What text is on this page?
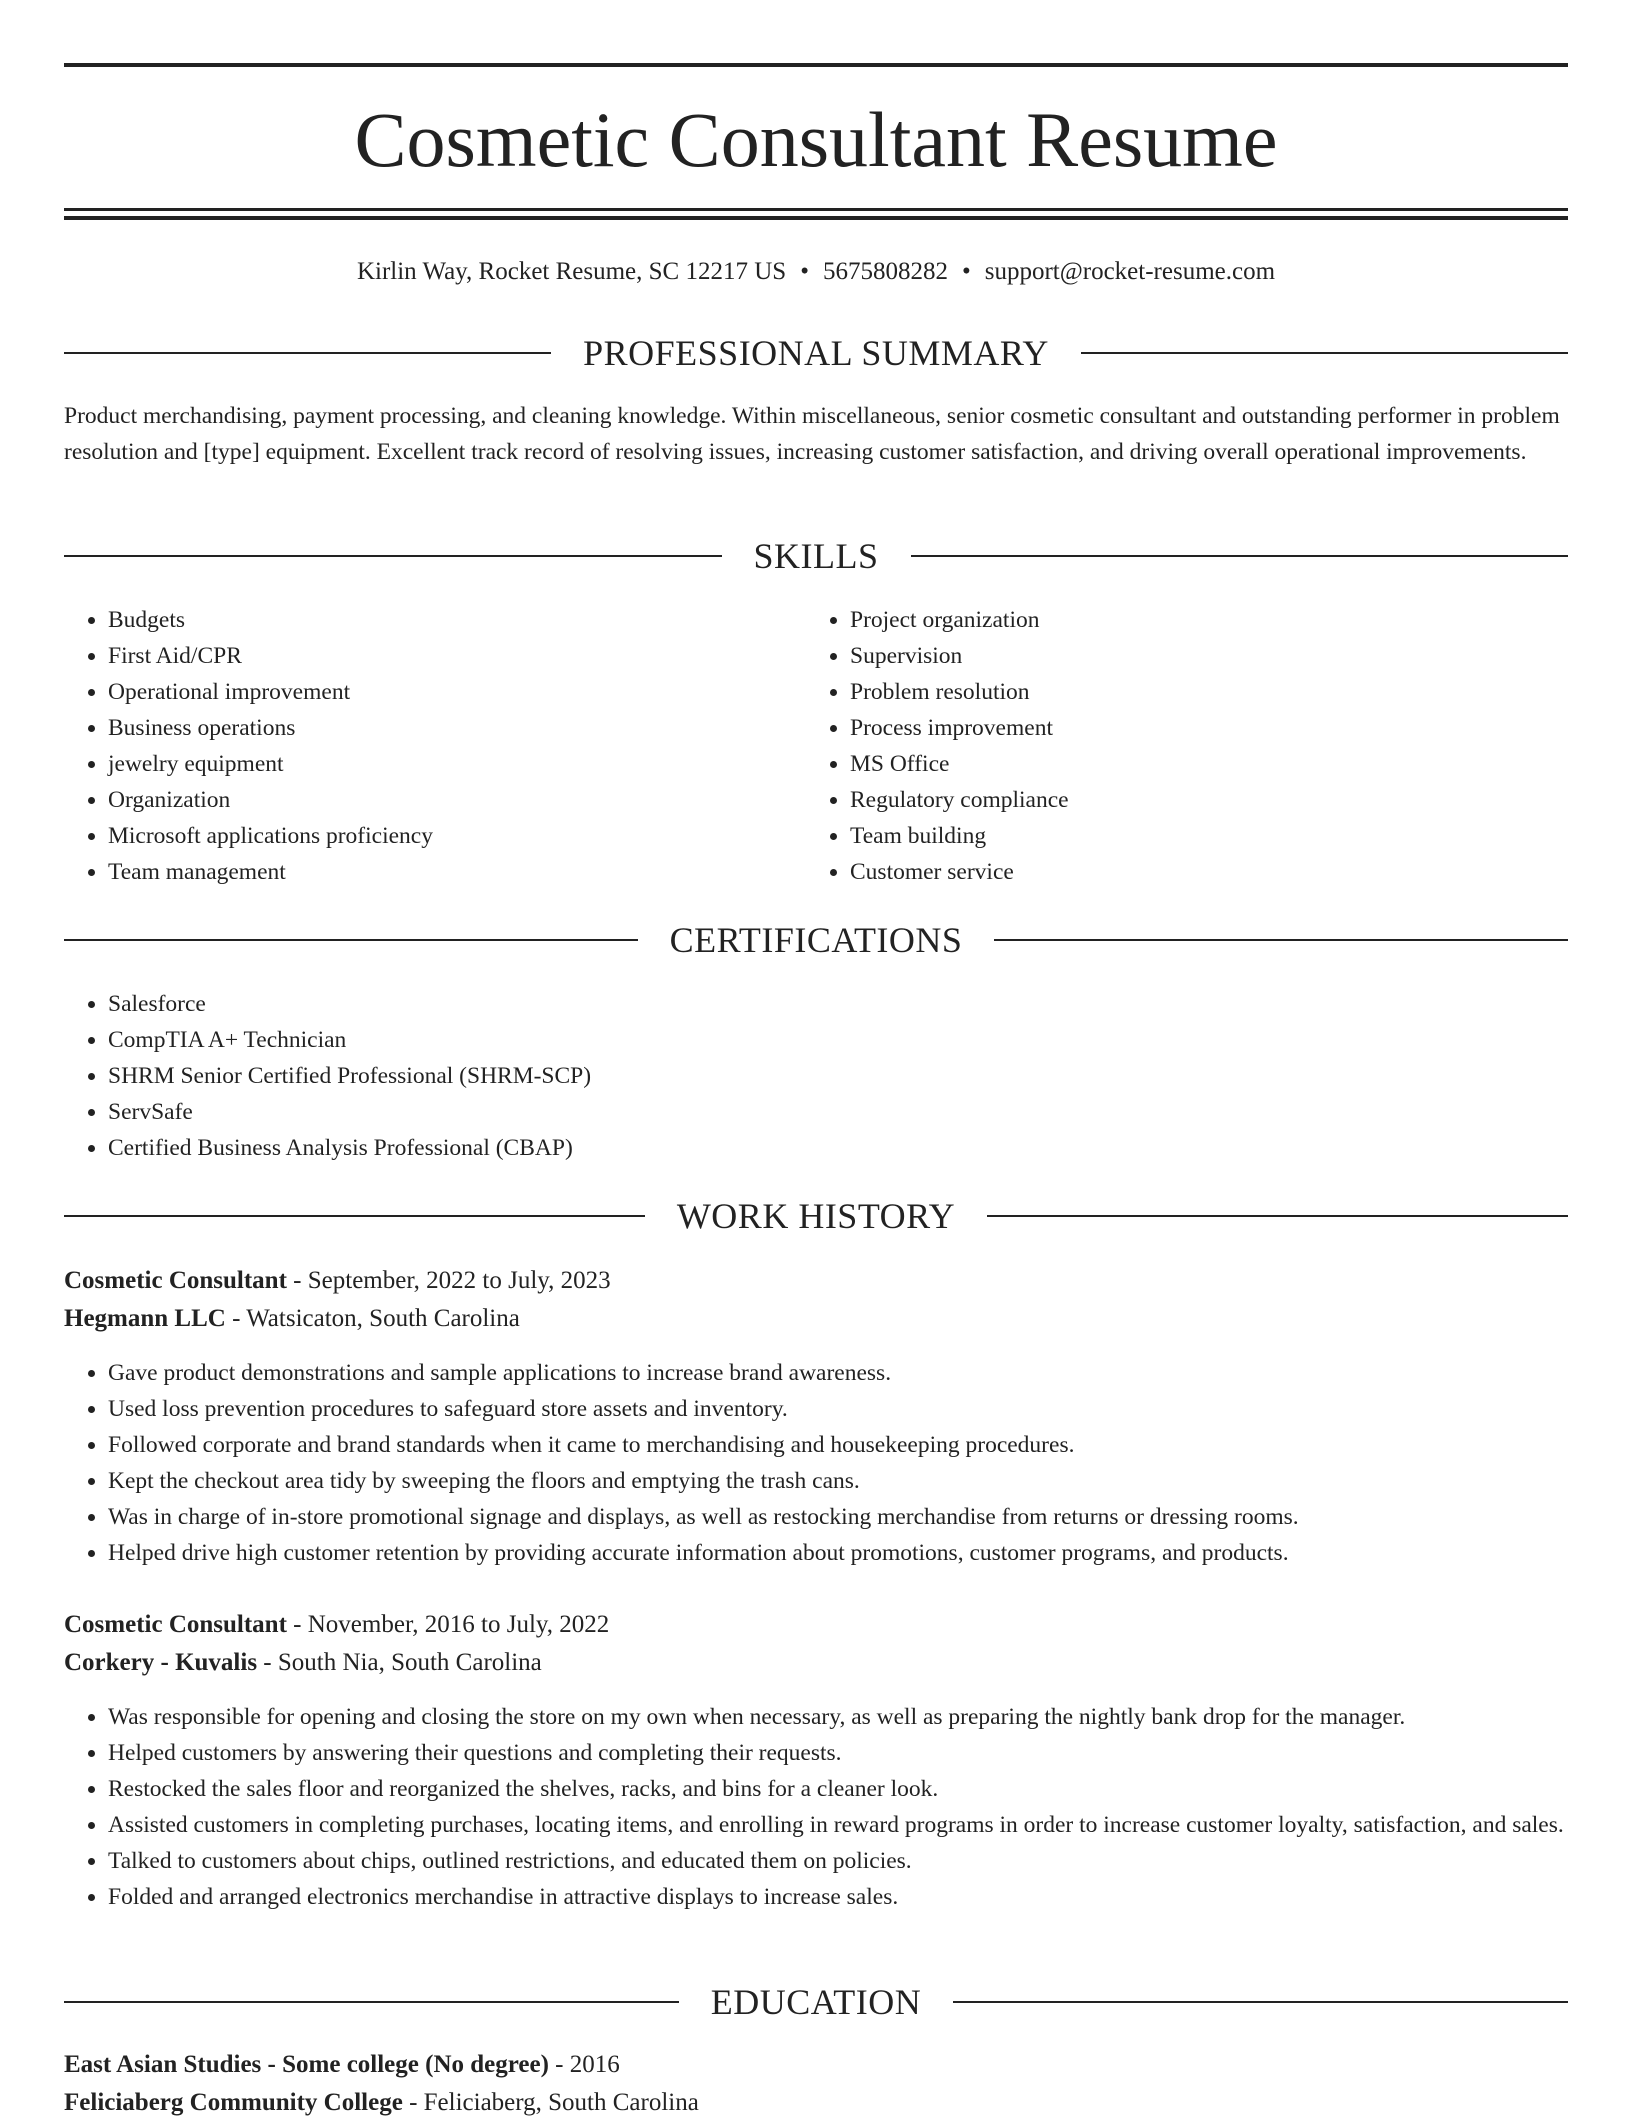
Cosmetic Consultant Resume
Kirlin Way, Rocket Resume, SC 12217 US • 5675808282 • support@rocket-resume.com
PROFESSIONAL SUMMARY

Product merchandising, payment processing, and cleaning knowledge. Within miscellaneous, senior cosmetic consultant and outstanding performer in problem resolution and [type] equipment. Excellent track record of resolving issues, increasing customer satisfaction, and driving overall operational improvements.

SKILLS
• Budgets
• First Aid/CPR
• Operational improvement
• Business operations
• jewelry equipment
• Organization
• Microsoft applications proficiency
• Team management
• Project organization
• Supervision
• Problem resolution
• Process improvement
• MS Office
• Regulatory compliance
• Team building
• Customer service
CERTIFICATIONS
• Salesforce
• CompTIA A+ Technician
• SHRM Senior Certified Professional (SHRM-SCP)
• ServSafe
• Certified Business Analysis Professional (CBAP)
WORK HISTORY
Cosmetic Consultant - September, 2022 to July, 2023
Hegmann LLC - Watsicaton, South Carolina
• Gave product demonstrations and sample applications to increase brand awareness.
• Used loss prevention procedures to safeguard store assets and inventory.
• Followed corporate and brand standards when it came to merchandising and housekeeping procedures.
• Kept the checkout area tidy by sweeping the floors and emptying the trash cans.
• Was in charge of in-store promotional signage and displays, as well as restocking merchandise from returns or dressing rooms.
• Helped drive high customer retention by providing accurate information about promotions, customer programs, and products.
Cosmetic Consultant - November, 2016 to July, 2022
Corkery - Kuvalis - South Nia, South Carolina
• Was responsible for opening and closing the store on my own when necessary, as well as preparing the nightly bank drop for the manager.
• Helped customers by answering their questions and completing their requests.
• Restocked the sales floor and reorganized the shelves, racks, and bins for a cleaner look.
• Assisted customers in completing purchases, locating items, and enrolling in reward programs in order to increase customer loyalty, satisfaction, and sales.
• Talked to customers about chips, outlined restrictions, and educated them on policies.
• Folded and arranged electronics merchandise in attractive displays to increase sales.
EDUCATION
East Asian Studies - Some college (No degree) - 2016
Feliciaberg Community College - Feliciaberg, South Carolina
